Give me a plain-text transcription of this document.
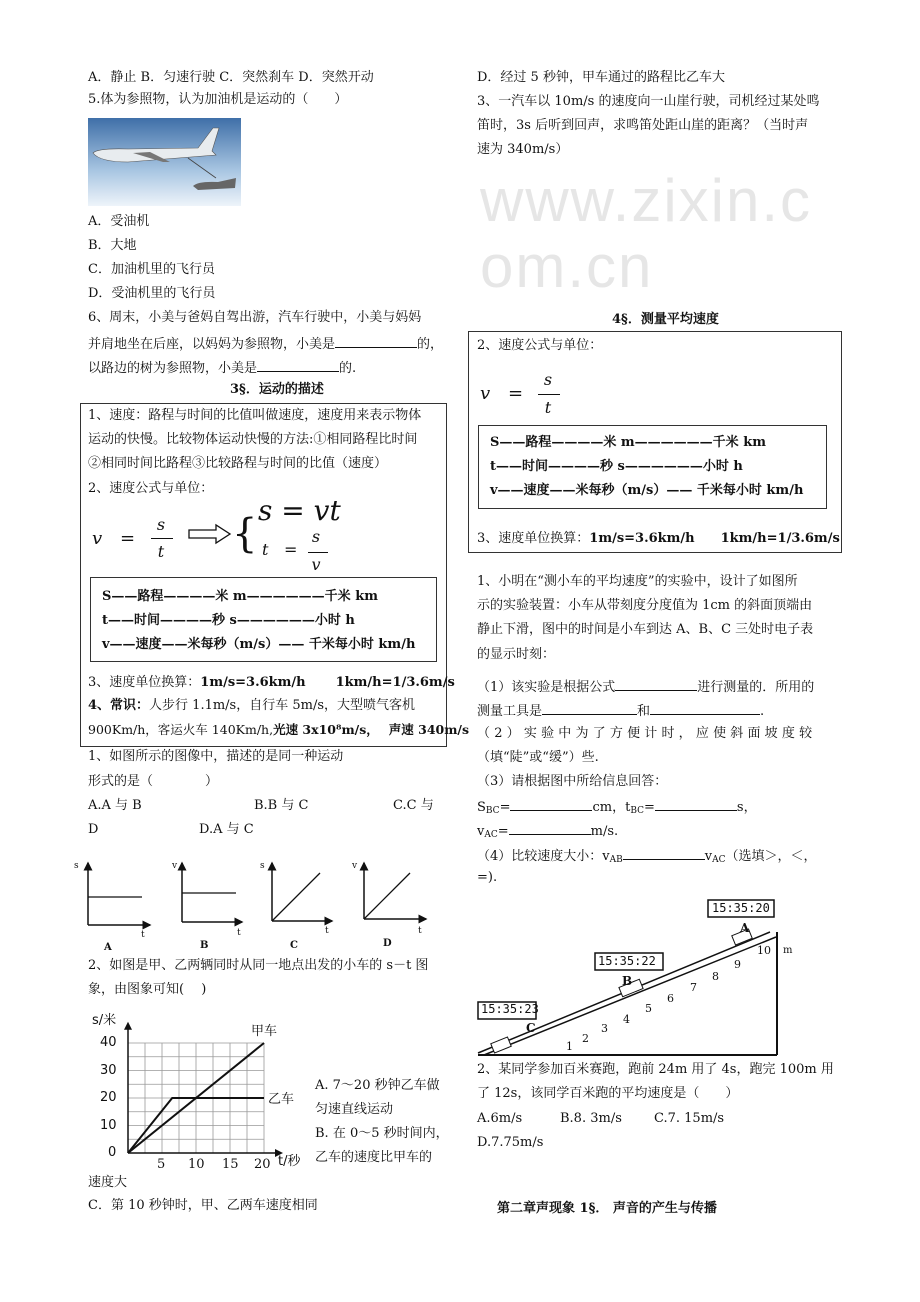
www.zixin.com.cn
A．静止 B．匀速行驶 C．突然刹车 D．突然开动
5.体为参照物，认为加油机是运动的（　　）
A．受油机
B．大地
C．加油机里的飞行员
D．受油机里的飞行员
6、周末，小美与爸妈自驾出游，汽车行驶中，小美与妈妈
并肩地坐在后座，以妈妈为参照物，小美是	的，
以路边的树为参照物，小美是	的.
3§．运动的描述
1、速度：路程与时间的比值叫做速度，速度用来表示物体
运动的快慢。比较物体运动快慢的方法:①相同路程比时间
②相同时间比路程③比较路程与时间的比值（速度）
2、速度公式与单位：
v =
s
t {
s = vt
t =
s
v
S——路程————米 m——————千米 km
t——时间————秒 s——————小时 h
v——速度——米每秒（m/s）—— 千米每小时 km/h
3、速度单位换算：1m/s=3.6km/h 1km/h=1/3.6m/s
4、常识：人步行 1.1m/s，自行车 5m/s，大型喷气客机
900Km/h，客运火车 140Km/h,光速 3x10⁸m/s， 声速 340m/s
1、如图所示的图像中，描述的是同一种运动
形式的是（　　　　）
A.A 与 B	B.B 与 C	C.C 与
D	D.A 与 C
s
t
A
v
t
B
s
t
C
v
t
D
2、如图是甲、乙两辆同时从同一地点出发的小车的 s－t 图
象，由图象可知(　 )
s/米
t/秒
0
10
20
30
40
5 10 15 20
甲车
乙车
A. 7～20 秒钟乙车做
匀速直线运动
B. 在 0～5 秒时间内，
乙车的速度比甲车的
速度大
C．第 10 秒钟时，甲、乙两车速度相同
D．经过 5 秒钟，甲车通过的路程比乙车大
3、一汽车以 10m/s 的速度向一山崖行驶，司机经过某处鸣
笛时，3s 后听到回声，求鸣笛处距山崖的距离？（当时声
速为 340m/s）
4§．测量平均速度
2、速度公式与单位：
v =
s
t
S——路程————米 m——————千米 km
t——时间————秒 s——————小时 h
v——速度——米每秒（m/s）—— 千米每小时 km/h
3、速度单位换算：1m/s=3.6km/h 1km/h=1/3.6m/s
1、小明在“测小车的平均速度”的实验中，设计了如图所
示的实验装置：小车从带刻度分度值为 1cm 的斜面顶端由
静止下滑，图中的时间是小车到达 A、B、C 三处时电子表
的显示时刻：
（1）该实验是根据公式	进行测量的．所用的
测量工具是	和	.
（2）实验中为了方便计时，应使斜面坡度较
（填“陡”或“缓”）些.
（3）请根据图中所给信息回答：
$S_{BC}=$	cm，$t_{BC}=$	s，
$v_{AC}=$	m/s.
（4）比较速度大小：$v_{AB}$	$v_{AC}$（选填＞，＜，
=).
15:35:23
15:35:22
15:35:20
A
B
C
1
2
3
4
5
6
7
8
9
10 m
2、某同学参加百米赛跑，跑前 24m 用了 4s，跑完 100m 用
了 12s，该同学百米跑的平均速度是（　　）
A.6m/s	B.8. 3m/s C.7. 15m/s
D.7.75m/s
第二章声现象 1§． 声音的产生与传播
